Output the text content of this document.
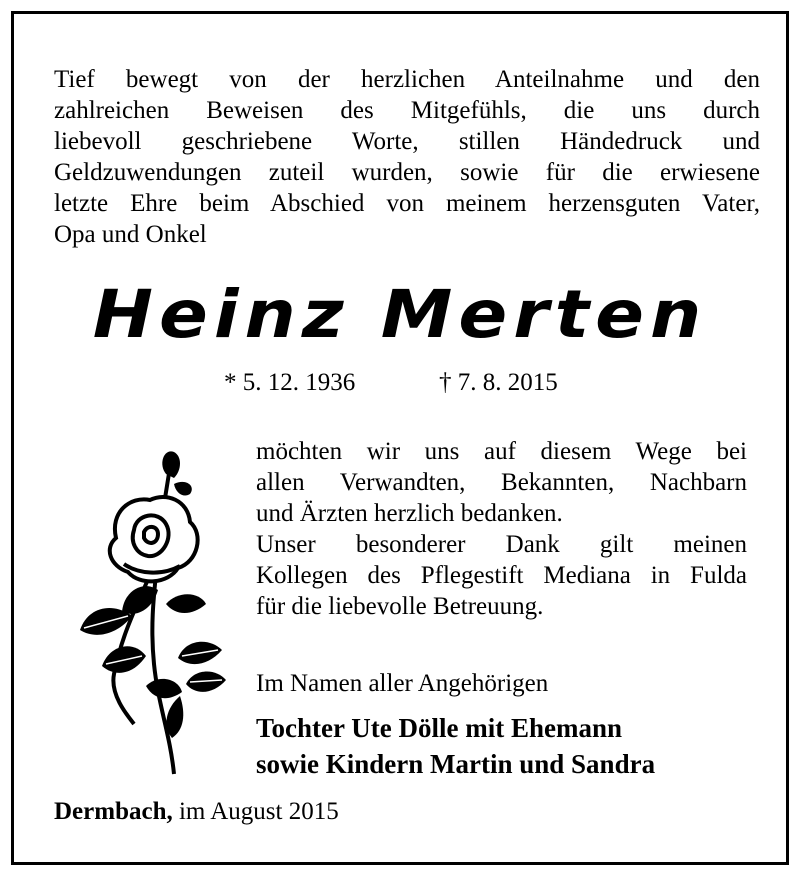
Tief bewegt von der herzlichen Anteilnahme und den

zahlreichen Beweisen des Mitgefühls, die uns durch

liebevoll geschriebene Worte, stillen Händedruck und

Geldzuwendungen zuteil wurden, sowie für die erwiesene

letzte Ehre beim Abschied von meinem herzensguten Vater,

Opa und Onkel

Heinz Merten
* 5. 12. 1936	† 7. 8. 2015

möchten wir uns auf diesem Wege bei

allen Verwandten, Bekannten, Nachbarn

und Ärzten herzlich bedanken.

Unser besonderer Dank gilt meinen

Kollegen des Pflegestift Mediana in Fulda

für die liebevolle Betreuung.

Im Namen aller Angehörigen
Tochter Ute Dölle mit Ehemann
sowie Kindern Martin und Sandra
Dermbach, im August 2015
